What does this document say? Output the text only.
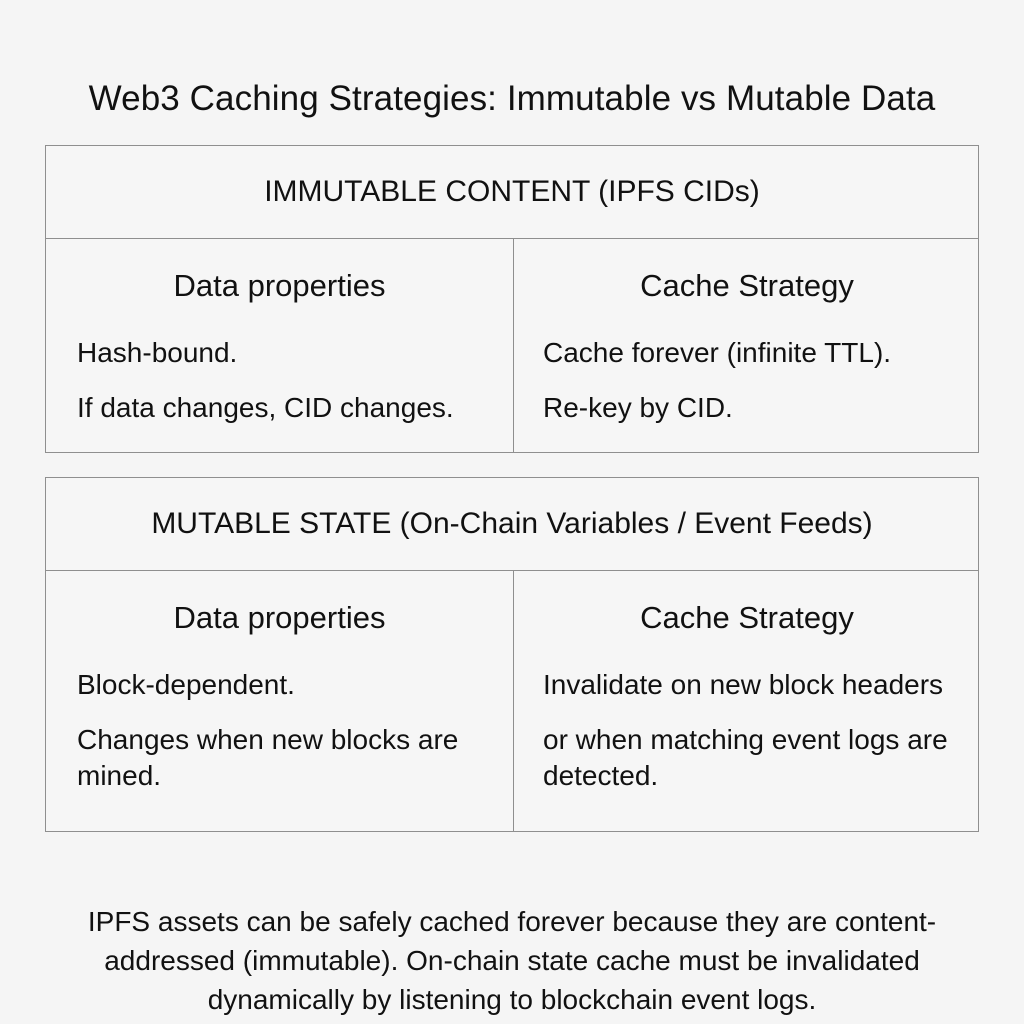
Web3 Caching Strategies: Immutable vs Mutable Data
IMMUTABLE CONTENT (IPFS CIDs)
Data properties
Hash-bound.
If data changes, CID changes.
Cache Strategy
Cache forever (infinite TTL).
Re-key by CID.
MUTABLE STATE (On-Chain Variables / Event Feeds)
Data properties
Block-dependent.
Changes when new blocks are mined.
Cache Strategy
Invalidate on new block headers
or when matching event logs are detected.

IPFS assets can be safely cached forever because they are content-addressed (immutable). On-chain state cache must be invalidated dynamically by listening to blockchain event logs.
